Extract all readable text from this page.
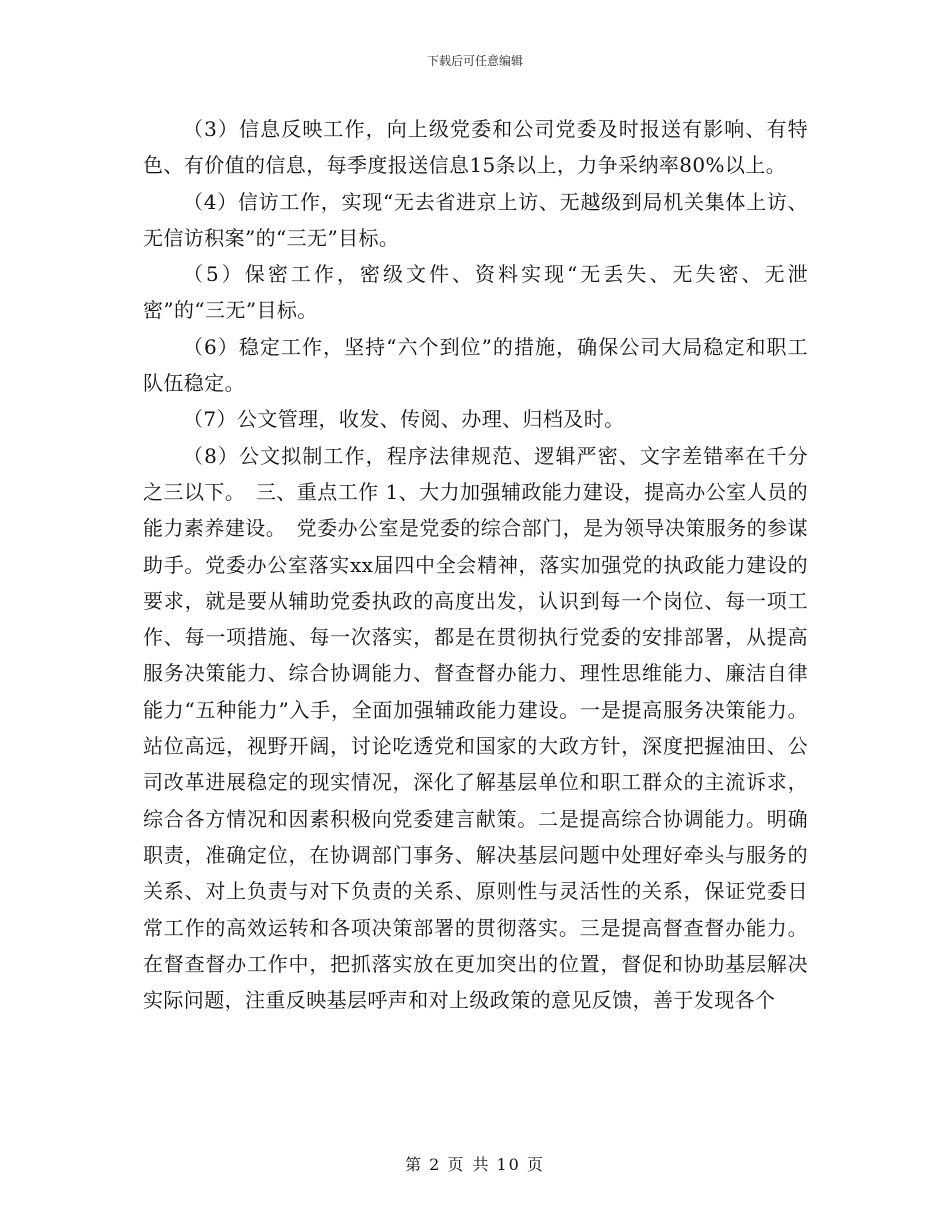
下载后可任意编辑

（3）信息反映工作，向上级党委和公司党委及时报送有影响、有特色、有价值的信息，每季度报送信息15条以上，力争采纳率80%以上。

（4）信访工作，实现“无去省进京上访、无越级到局机关集体上访、无信访积案”的“三无”目标。

（5）保密工作，密级文件、资料实现“无丢失、无失密、无泄密”的“三无”目标。

（6）稳定工作，坚持“六个到位”的措施，确保公司大局稳定和职工队伍稳定。

（7）公文管理，收发、传阅、办理、归档及时。

（8）公文拟制工作，程序法律规范、逻辑严密、文字差错率在千分之三以下。　三、重点工作 1、大力加强辅政能力建设，提高办公室人员的能力素养建设。　党委办公室是党委的综合部门，是为领导决策服务的参谋助手。党委办公室落实xx届四中全会精神，落实加强党的执政能力建设的要求，就是要从辅助党委执政的高度出发，认识到每一个岗位、每一项工作、每一项措施、每一次落实，都是在贯彻执行党委的安排部署，从提高服务决策能力、综合协调能力、督查督办能力、理性思维能力、廉洁自律能力“五种能力”入手，全面加强辅政能力建设。一是提高服务决策能力。站位高远，视野开阔，讨论吃透党和国家的大政方针，深度把握油田、公司改革进展稳定的现实情况，深化了解基层单位和职工群众的主流诉求，综合各方情况和因素积极向党委建言献策。二是提高综合协调能力。明确职责，准确定位，在协调部门事务、解决基层问题中处理好牵头与服务的关系、对上负责与对下负责的关系、原则性与灵活性的关系，保证党委日常工作的高效运转和各项决策部署的贯彻落实。三是提高督查督办能力。在督查督办工作中，把抓落实放在更加突出的位置，督促和协助基层解决实际问题，注重反映基层呼声和对上级政策的意见反馈，善于发现各个

第 2 页 共 10 页
